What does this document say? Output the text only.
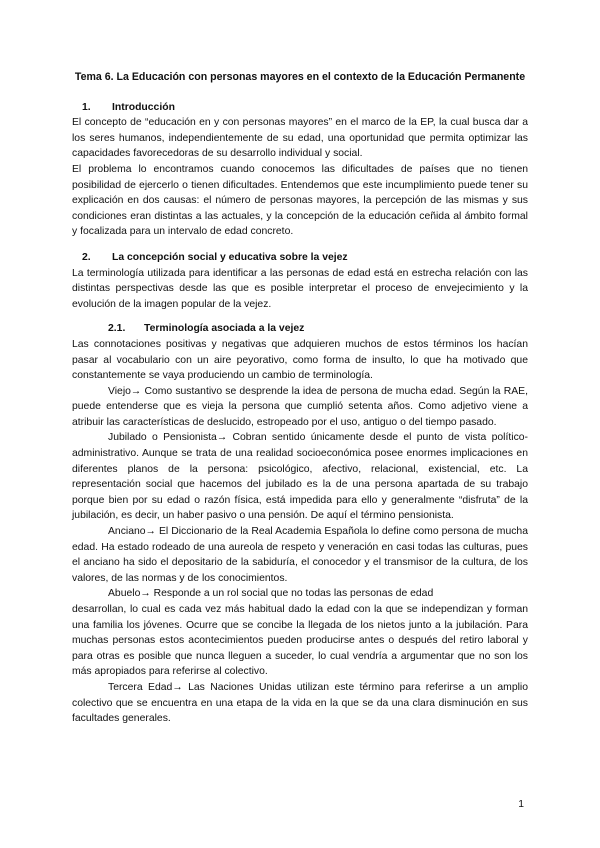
Tema 6. La Educación con personas mayores en el contexto de la Educación Permanente
1.	Introducción

El concepto de “educación en y con personas mayores” en el marco de la EP, la cual busca dar a los seres humanos, independientemente de su edad, una oportunidad que permita optimizar las capacidades favorecedoras de su desarrollo individual y social.

El problema lo encontramos cuando conocemos las dificultades de países que no tienen posibilidad de ejercerlo o tienen dificultades. Entendemos que este incumplimiento puede tener su explicación en dos causas: el número de personas mayores, la percepción de las mismas y sus condiciones eran distintas a las actuales, y la concepción de la educación ceñida al ámbito formal y focalizada para un intervalo de edad concreto.

2.	La concepción social y educativa sobre la vejez

La terminología utilizada para identificar a las personas de edad está en estrecha relación con las distintas perspectivas desde las que es posible interpretar el proceso de envejecimiento y la evolución de la imagen popular de la vejez.

2.1.	Terminología asociada a la vejez

Las connotaciones positivas y negativas que adquieren muchos de estos términos los hacían pasar al vocabulario con un aire peyorativo, como forma de insulto, lo que ha motivado que constantemente se vaya produciendo un cambio de terminología.

Viejo→ Como sustantivo se desprende la idea de persona de mucha edad. Según la RAE, puede entenderse que es vieja la persona que cumplió setenta años. Como adjetivo viene a atribuir las características de deslucido, estropeado por el uso, antiguo o del tiempo pasado.

Jubilado o Pensionista→ Cobran sentido únicamente desde el punto de vista político-administrativo. Aunque se trata de una realidad socioeconómica posee enormes implicaciones en diferentes planos de la persona: psicológico, afectivo, relacional, existencial, etc. La representación social que hacemos del jubilado es la de una persona apartada de su trabajo porque bien por su edad o razón física, está impedida para ello y generalmente “disfruta” de la jubilación, es decir, un haber pasivo o una pensión. De aquí el término pensionista.

Anciano→ El Diccionario de la Real Academia Española lo define como persona de mucha edad. Ha estado rodeado de una aureola de respeto y veneración en casi todas las culturas, pues el anciano ha sido el depositario de la sabiduría, el conocedor y el transmisor de la cultura, de los valores, de las normas y de los conocimientos.

Abuelo→ Responde a un rol social que no todas las personas de edad

desarrollan, lo cual es cada vez más habitual dado la edad con la que se independizan y forman una familia los jóvenes. Ocurre que se concibe la llegada de los nietos junto a la jubilación. Para muchas personas estos acontecimientos pueden producirse antes o después del retiro laboral y para otras es posible que nunca lleguen a suceder, lo cual vendría a argumentar que no son los más apropiados para referirse al colectivo.

Tercera Edad→ Las Naciones Unidas utilizan este término para referirse a un amplio colectivo que se encuentra en una etapa de la vida en la que se da una clara disminución en sus facultades generales.

1
